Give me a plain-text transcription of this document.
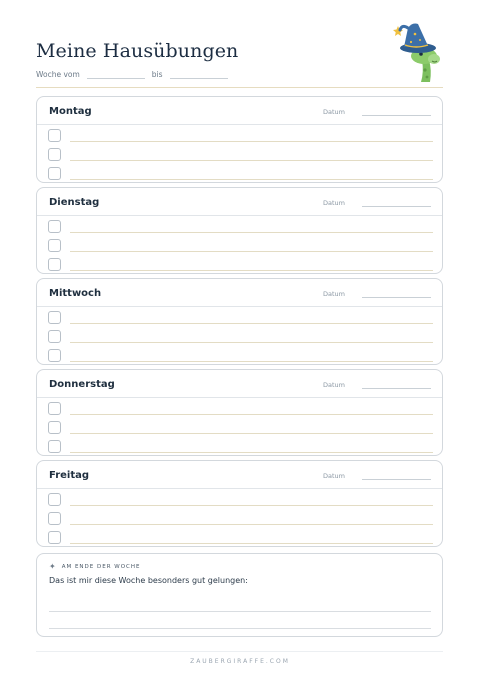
Meine Hausübungen
Woche vom	bis
Montag	Datum
Dienstag	Datum
Mittwoch	Datum
Donnerstag	Datum
Freitag	Datum
✦ AM ENDE DER WOCHE
Das ist mir diese Woche besonders gut gelungen:
ZAUBERGIRAFFE.COM
